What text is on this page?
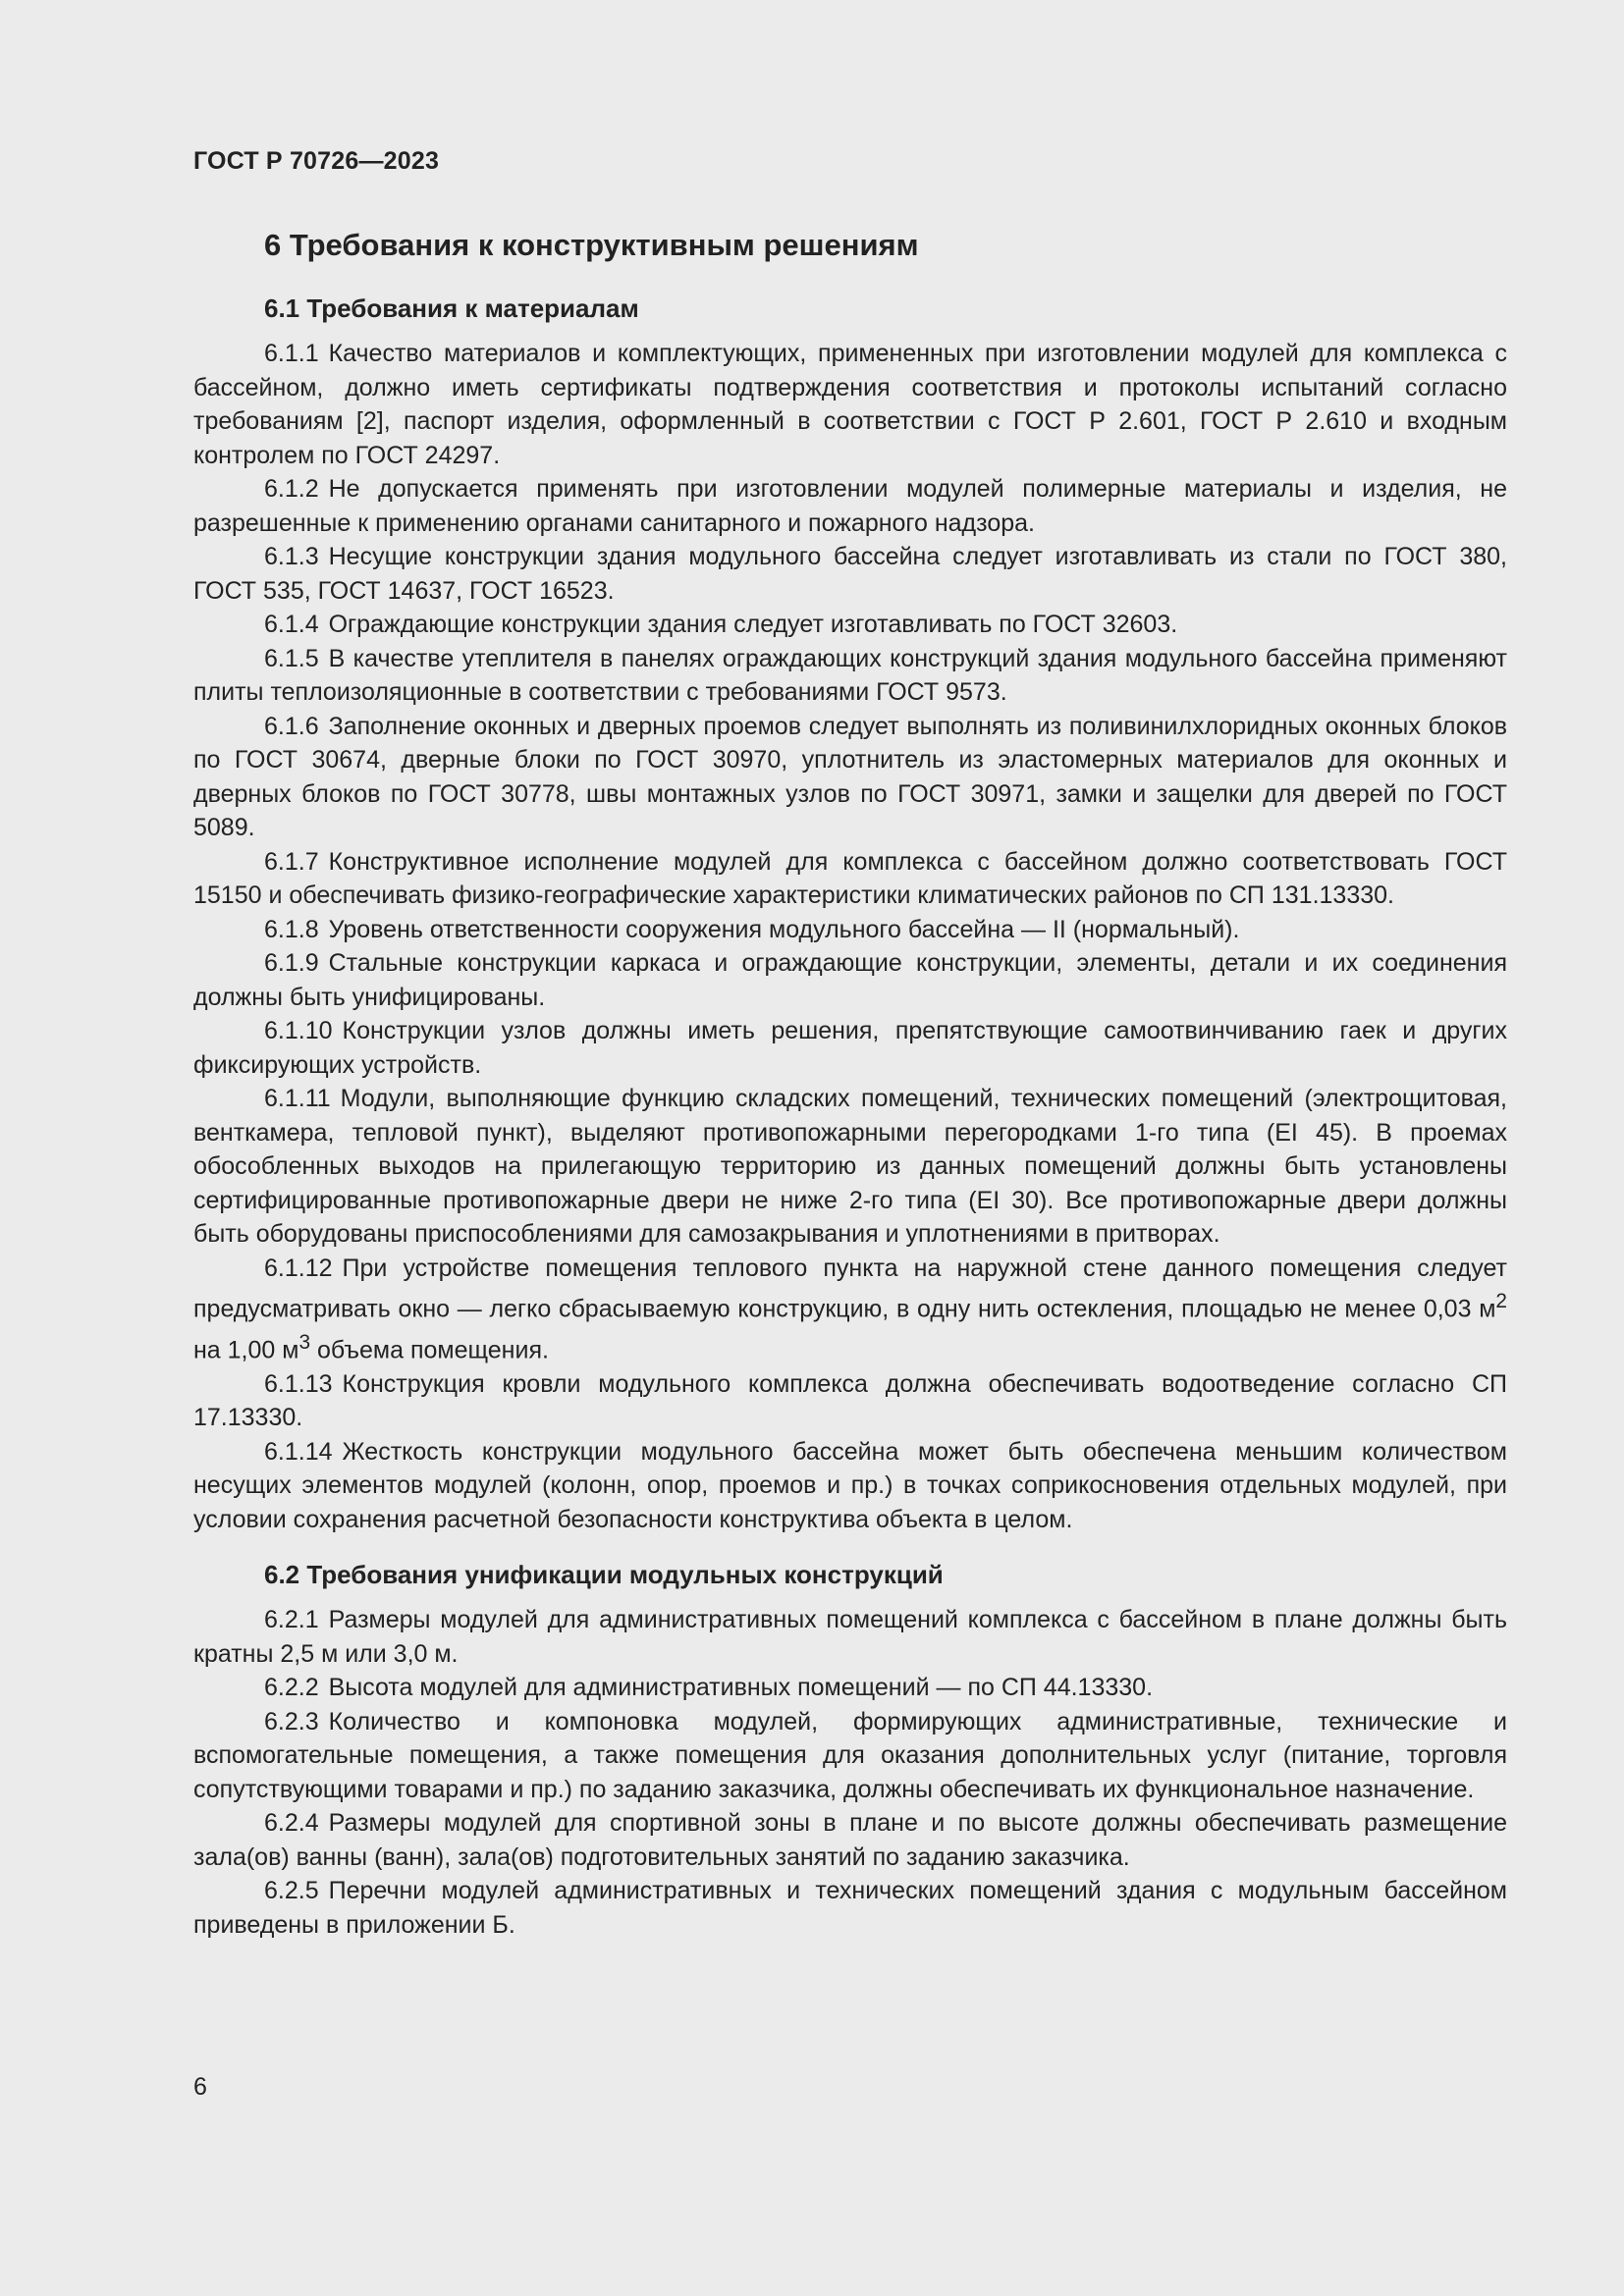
ГОСТ Р 70726—2023
6 Требования к конструктивным решениям
6.1 Требования к материалам

6.1.1 Качество материалов и комплектующих, примененных при изготовлении модулей для комплекса с бассейном, должно иметь сертификаты подтверждения соответствия и протоколы испытаний согласно требованиям [2], паспорт изделия, оформленный в соответствии с ГОСТ Р 2.601, ГОСТ Р 2.610 и входным контролем по ГОСТ 24297.

6.1.2 Не допускается применять при изготовлении модулей полимерные материалы и изделия, не разрешенные к применению органами санитарного и пожарного надзора.

6.1.3 Несущие конструкции здания модульного бассейна следует изготавливать из стали по ГОСТ 380, ГОСТ 535, ГОСТ 14637, ГОСТ 16523.

6.1.4 Ограждающие конструкции здания следует изготавливать по ГОСТ 32603.

6.1.5 В качестве утеплителя в панелях ограждающих конструкций здания модульного бассейна применяют плиты теплоизоляционные в соответствии с требованиями ГОСТ 9573.

6.1.6 Заполнение оконных и дверных проемов следует выполнять из поливинилхлоридных оконных блоков по ГОСТ 30674, дверные блоки по ГОСТ 30970, уплотнитель из эластомерных материалов для оконных и дверных блоков по ГОСТ 30778, швы монтажных узлов по ГОСТ 30971, замки и защелки для дверей по ГОСТ 5089.

6.1.7 Конструктивное исполнение модулей для комплекса с бассейном должно соответствовать ГОСТ 15150 и обеспечивать физико-географические характеристики климатических районов по СП 131.13330.

6.1.8 Уровень ответственности сооружения модульного бассейна — II (нормальный).

6.1.9 Стальные конструкции каркаса и ограждающие конструкции, элементы, детали и их соединения должны быть унифицированы.

6.1.10 Конструкции узлов должны иметь решения, препятствующие самоотвинчиванию гаек и других фиксирующих устройств.

6.1.11 Модули, выполняющие функцию складских помещений, технических помещений (электрощитовая, венткамера, тепловой пункт), выделяют противопожарными перегородками 1-го типа (EI 45). В проемах обособленных выходов на прилегающую территорию из данных помещений должны быть установлены сертифицированные противопожарные двери не ниже 2-го типа (EI 30). Все противопожарные двери должны быть оборудованы приспособлениями для самозакрывания и уплотнениями в притворах.

6.1.12 При устройстве помещения теплового пункта на наружной стене данного помещения следует предусматривать окно — легко сбрасываемую конструкцию, в одну нить остекления, площадью не менее 0,03 $м^2$ на 1,00 $м^3$ объема помещения.

6.1.13 Конструкция кровли модульного комплекса должна обеспечивать водоотведение согласно СП 17.13330.

6.1.14 Жесткость конструкции модульного бассейна может быть обеспечена меньшим количеством несущих элементов модулей (колонн, опор, проемов и пр.) в точках соприкосновения отдельных модулей, при условии сохранения расчетной безопасности конструктива объекта в целом.

6.2 Требования унификации модульных конструкций

6.2.1 Размеры модулей для административных помещений комплекса с бассейном в плане должны быть кратны 2,5 м или 3,0 м.

6.2.2 Высота модулей для административных помещений — по СП 44.13330.

6.2.3 Количество и компоновка модулей, формирующих административные, технические и вспомогательные помещения, а также помещения для оказания дополнительных услуг (питание, торговля сопутствующими товарами и пр.) по заданию заказчика, должны обеспечивать их функциональное назначение.

6.2.4 Размеры модулей для спортивной зоны в плане и по высоте должны обеспечивать размещение зала(ов) ванны (ванн), зала(ов) подготовительных занятий по заданию заказчика.

6.2.5 Перечни модулей административных и технических помещений здания с модульным бассейном приведены в приложении Б.

6
